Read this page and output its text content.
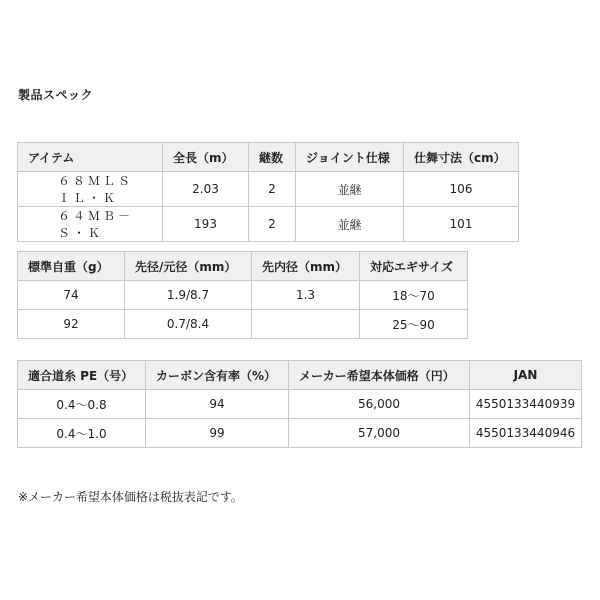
製品スペック
アイテム	全長（m）	継数	ジョイント仕様	仕舞寸法（cm）
６８ＭＬＳ　ＩＬ・Ｋ	2.03	2	並継	106
６４ＭＢ－Ｓ・Ｋ	193	2	並継	101
標準自重（g）	先径/元径（mm）	先内径（mm）	対応エギサイズ
74	1.9/8.7	1.3	18〜70
92	0.7/8.4		25〜90
適合道糸 PE（号）	カーボン含有率（%）	メーカー希望本体価格（円）	JAN
0.4〜0.8	94	56,000	4550133440939
0.4〜1.0	99	57,000	4550133440946
※メーカー希望本体価格は税抜表記です。
